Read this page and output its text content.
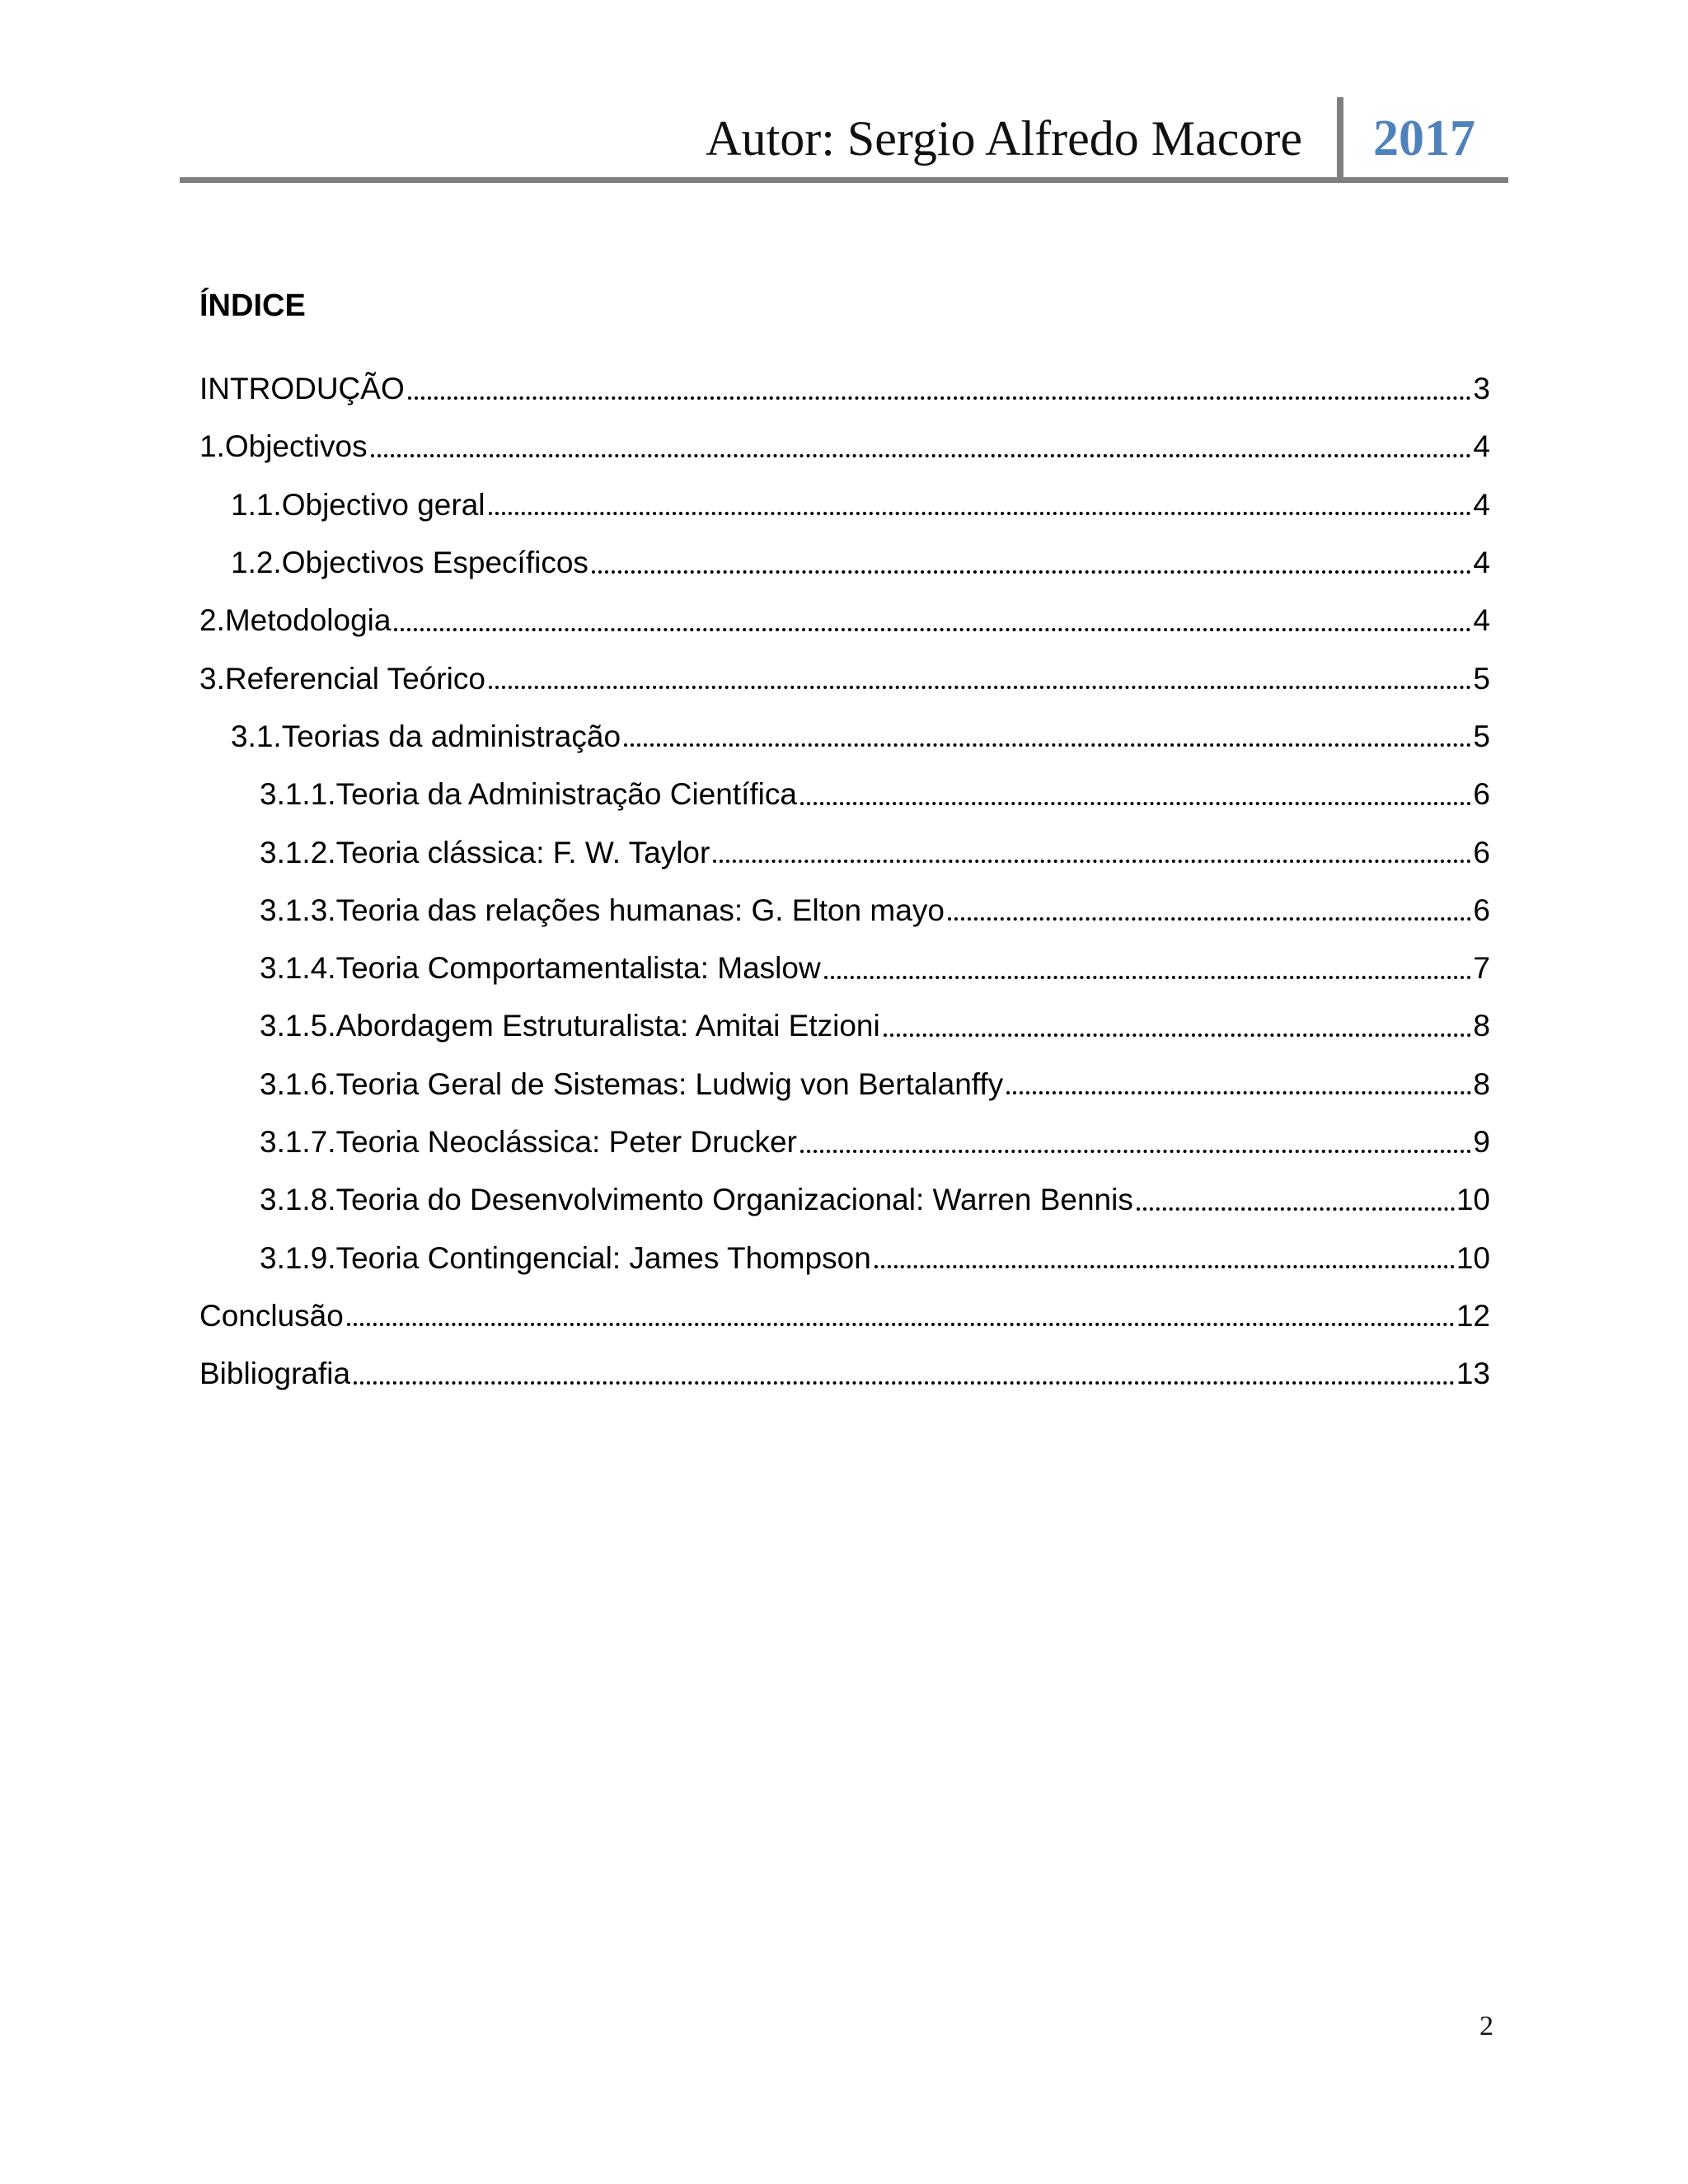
Autor: Sergio Alfredo Macore 2017
ÍNDICE
INTRODUÇÃO	3
1.Objectivos	4
1.1.Objectivo geral	4
1.2.Objectivos Específicos	4
2.Metodologia	4
3.Referencial Teórico	5
3.1.Teorias da administração	5
3.1.1.Teoria da Administração Científica	6
3.1.2.Teoria clássica: F. W. Taylor	6
3.1.3.Teoria das relações humanas: G. Elton mayo	6
3.1.4.Teoria Comportamentalista: Maslow	7
3.1.5.Abordagem Estruturalista: Amitai Etzioni	8
3.1.6.Teoria Geral de Sistemas: Ludwig von Bertalanffy	8
3.1.7.Teoria Neoclássica: Peter Drucker	9
3.1.8.Teoria do Desenvolvimento Organizacional: Warren Bennis	10
3.1.9.Teoria Contingencial: James Thompson	10
Conclusão	12
Bibliografia	13
2
